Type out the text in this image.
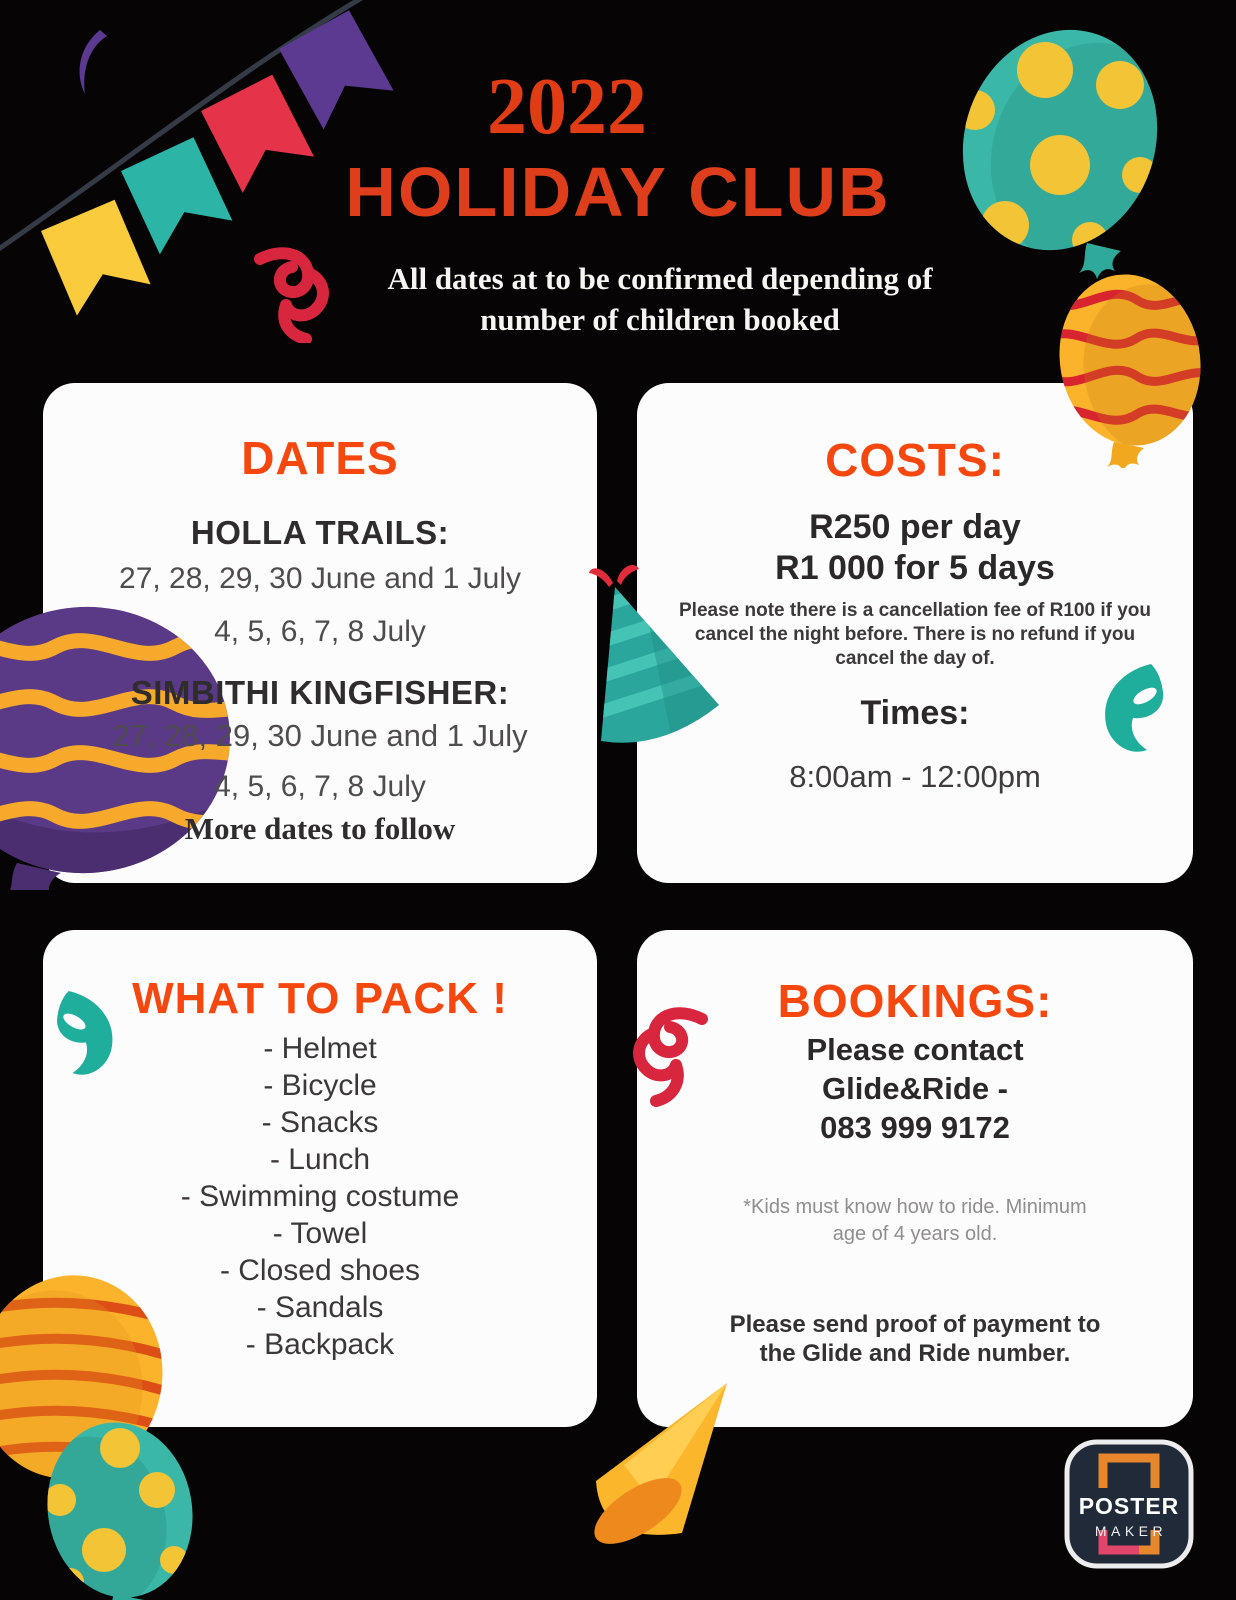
POSTER
MAKER
2022
HOLIDAY CLUB
All dates at to be confirmed depending of
number of children booked
DATES
HOLLA TRAILS:
27, 28, 29, 30 June and 1 July
4, 5, 6, 7, 8 July
SIMBITHI KINGFISHER:
27, 28, 29, 30 June and 1 July
4, 5, 6, 7, 8 July
More dates to follow
COSTS:
R250 per day
R1 000 for 5 days
Please note there is a cancellation fee of R100 if you cancel the night before. There is no refund if you cancel the day of.
Times:
8:00am - 12:00pm
WHAT TO PACK !
- Helmet
- Bicycle
- Snacks
- Lunch
- Swimming costume
- Towel
- Closed shoes
- Sandals
- Backpack
BOOKINGS:
Please contact
Glide&Ride -
083 999 9172
*Kids must know how to ride. Minimum age of 4 years old.
Please send proof of payment to
the Glide and Ride number.
